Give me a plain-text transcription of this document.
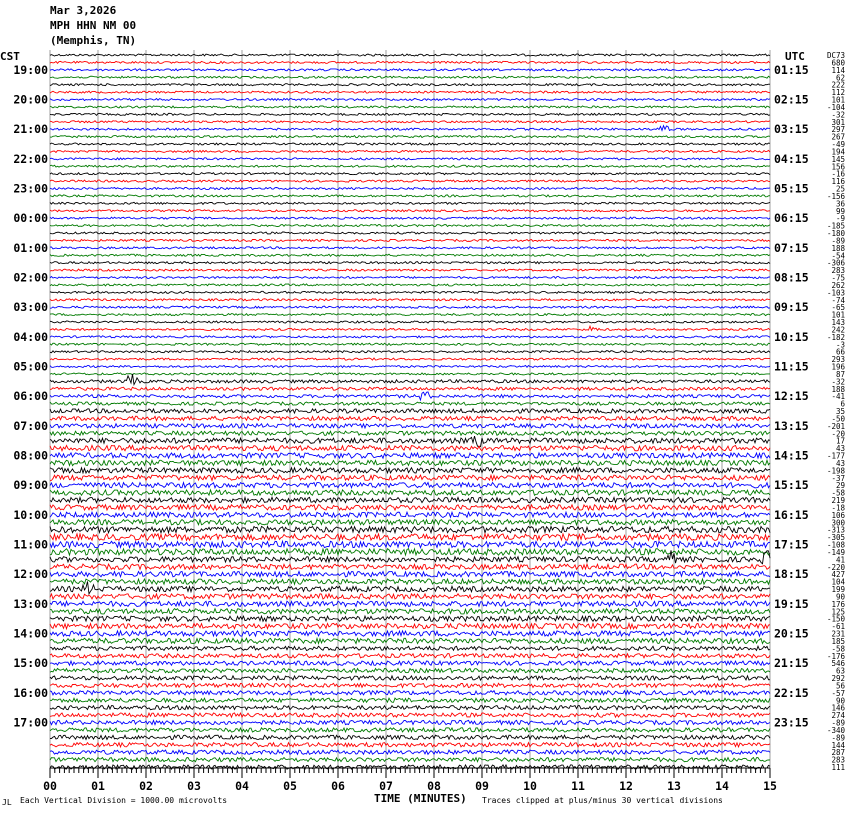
Mar 3,2026
MPH HHN NM 00
(Memphis, TN)
CST	UTC
19:00
20:00
21:00
22:00
23:00
00:00
01:00
02:00
03:00
04:00
05:00
06:00
07:00
08:00
09:00
10:00
11:00
12:00
13:00
14:00
15:00
16:00
17:00
01:15
02:15
03:15
04:15
05:15
06:15
07:15
08:15
09:15
10:15
11:15
12:15
13:15
14:15
15:15
16:15
17:15
18:15
19:15
20:15
21:15
22:15
23:15
DC73
680
114
62
222
112
101
-104
-32
301
297
267
-49
194
145
156
-16
116
25
-156
36
99
-9
-185
-180
-89
188
-54
-306
283
-75
262
-103
-74
-65
101
143
242
-182
-3
66
293
196
87
-32
188
-41
6
35
-50
-201
-20
17
43
-177
43
-198
-37
29
-58
219
-18
106
300
-313
-305
-108
-149
41
-220
427
104
199
90
176
125
-150
-61
231
185
-58
-176
546
63
292
56
-57
90
146
274
-89
-340
-89
144
287
283
111
00	01	02	03	04	05	06	07	08	09	10	11	12	13	14	15
JL Each Vertical Division = 1000.00 microvolts	TIME (MINUTES) Traces clipped at plus/minus 30 vertical divisions
